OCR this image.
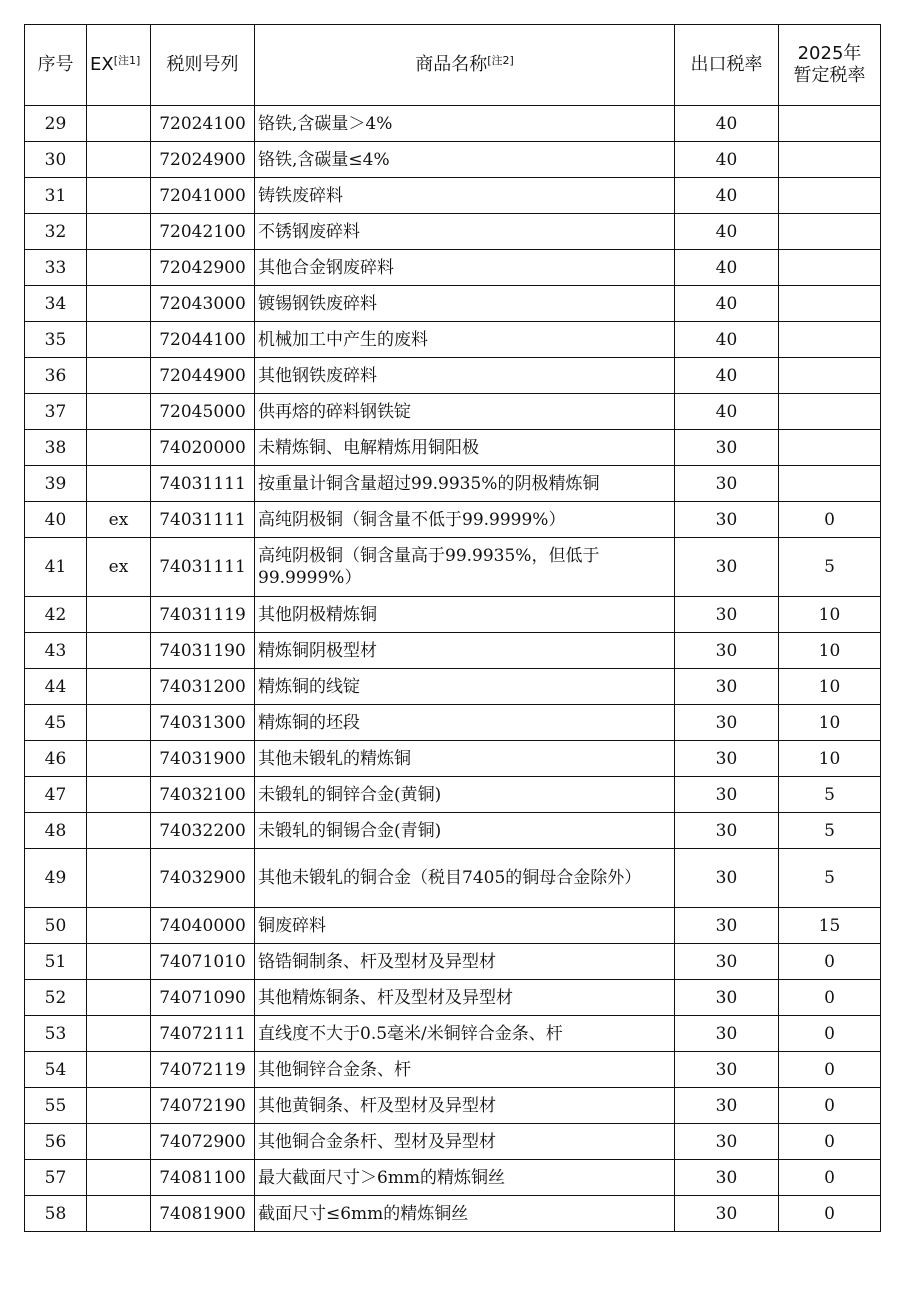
序号	EX[注1]	税则号列	商品名称[注2]	出口税率	2025年
暂定税率
29		72024100	铬铁,含碳量＞4%	40	
30		72024900	铬铁,含碳量≤4%	40	
31		72041000	铸铁废碎料	40	
32		72042100	不锈钢废碎料	40	
33		72042900	其他合金钢废碎料	40	
34		72043000	镀锡钢铁废碎料	40	
35		72044100	机械加工中产生的废料	40	
36		72044900	其他钢铁废碎料	40	
37		72045000	供再熔的碎料钢铁锭	40	
38		74020000	未精炼铜、电解精炼用铜阳极	30	
39		74031111	按重量计铜含量超过99.9935%的阴极精炼铜	30	
40	ex	74031111	高纯阴极铜（铜含量不低于99.9999%）	30	0
41	ex	74031111	高纯阴极铜（铜含量高于99.9935%，但低于99.9999%）	30	5
42		74031119	其他阴极精炼铜	30	10
43		74031190	精炼铜阴极型材	30	10
44		74031200	精炼铜的线锭	30	10
45		74031300	精炼铜的坯段	30	10
46		74031900	其他未锻轧的精炼铜	30	10
47		74032100	未锻轧的铜锌合金(黄铜)	30	5
48		74032200	未锻轧的铜锡合金(青铜)	30	5
49		74032900	其他未锻轧的铜合金（税目7405的铜母合金除外）	30	5
50		74040000	铜废碎料	30	15
51		74071010	铬锆铜制条、杆及型材及异型材	30	0
52		74071090	其他精炼铜条、杆及型材及异型材	30	0
53		74072111	直线度不大于0.5毫米/米铜锌合金条、杆	30	0
54		74072119	其他铜锌合金条、杆	30	0
55		74072190	其他黄铜条、杆及型材及异型材	30	0
56		74072900	其他铜合金条杆、型材及异型材	30	0
57		74081100	最大截面尺寸＞6mm的精炼铜丝	30	0
58		74081900	截面尺寸≤6mm的精炼铜丝	30	0
